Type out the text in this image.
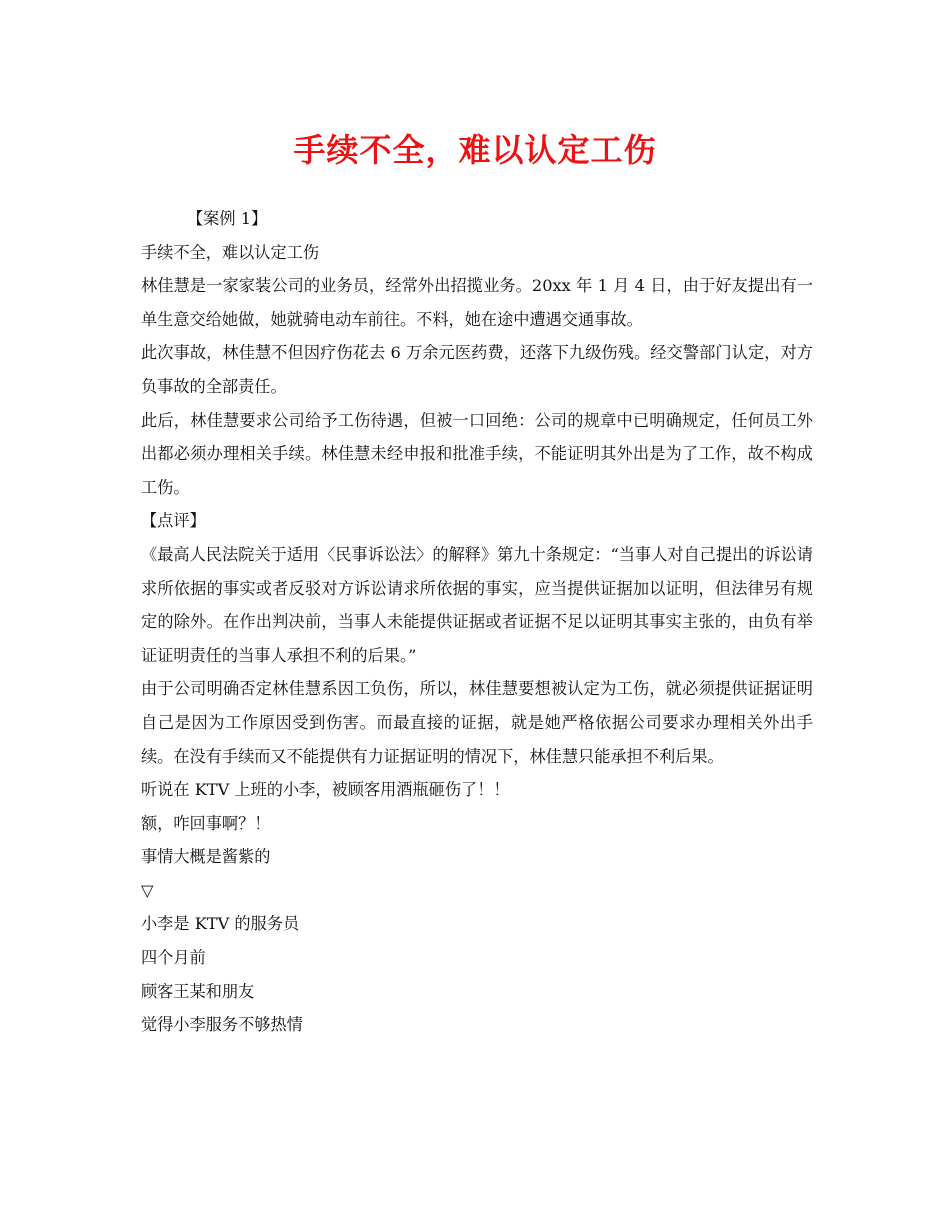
手续不全，难以认定工伤

【案例 1】

手续不全，难以认定工伤

林佳慧是一家家装公司的业务员，经常外出招揽业务。20xx 年 1 月 4 日，由于好友提出有一单生意交给她做，她就骑电动车前往。不料，她在途中遭遇交通事故。

此次事故，林佳慧不但因疗伤花去 6 万余元医药费，还落下九级伤残。经交警部门认定，对方负事故的全部责任。

此后，林佳慧要求公司给予工伤待遇，但被一口回绝：公司的规章中已明确规定，任何员工外出都必须办理相关手续。林佳慧未经申报和批准手续，不能证明其外出是为了工作，故不构成工伤。

【点评】

《最高人民法院关于适用〈民事诉讼法〉的解释》第九十条规定：“当事人对自己提出的诉讼请求所依据的事实或者反驳对方诉讼请求所依据的事实，应当提供证据加以证明，但法律另有规定的除外。在作出判决前，当事人未能提供证据或者证据不足以证明其事实主张的，由负有举证证明责任的当事人承担不利的后果。”

由于公司明确否定林佳慧系因工负伤，所以，林佳慧要想被认定为工伤，就必须提供证据证明自己是因为工作原因受到伤害。而最直接的证据，就是她严格依据公司要求办理相关外出手续。在没有手续而又不能提供有力证据证明的情况下，林佳慧只能承担不利后果。

听说在 KTV 上班的小李，被顾客用酒瓶砸伤了！！

额，咋回事啊？！

事情大概是酱紫的

▽

小李是 KTV 的服务员

四个月前

顾客王某和朋友

觉得小李服务不够热情
